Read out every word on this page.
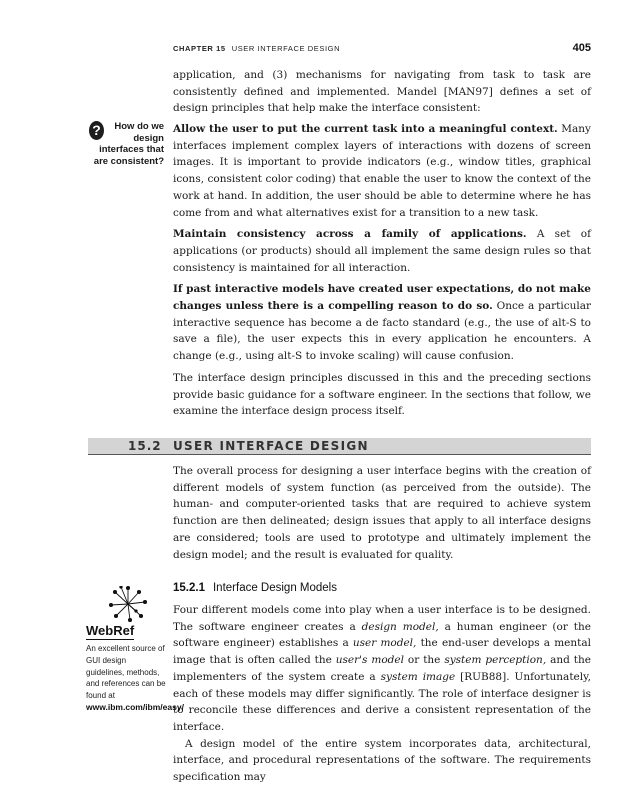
CHAPTER 15 USER INTERFACE DESIGN	405

application, and (3) mechanisms for navigating from task to task are consistently defined and implemented. Mandel [MAN97] defines a set of design principles that help make the interface consistent:

?	How do we design interfaces that are consistent?

Allow the user to put the current task into a meaningful context. Many interfaces implement complex layers of interactions with dozens of screen images. It is important to provide indicators (e.g., window titles, graphical icons, consistent color coding) that enable the user to know the context of the work at hand. In addition, the user should be able to determine where he has come from and what alternatives exist for a transition to a new task.

Maintain consistency across a family of applications. A set of applications (or products) should all implement the same design rules so that consistency is maintained for all interaction.

If past interactive models have created user expectations, do not make changes unless there is a compelling reason to do so. Once a particular interactive sequence has become a de facto standard (e.g., the use of alt-S to save a file), the user expects this in every application he encounters. A change (e.g., using alt-S to invoke scaling) will cause confusion.

The interface design principles discussed in this and the preceding sections provide basic guidance for a software engineer. In the sections that follow, we examine the interface design process itself.

15.2 USER INTERFACE DESIGN

The overall process for designing a user interface begins with the creation of different models of system function (as perceived from the outside). The human- and computer-oriented tasks that are required to achieve system function are then delineated; design issues that apply to all interface designs are considered; tools are used to prototype and ultimately implement the design model; and the result is evaluated for quality.

15.2.1 Interface Design Models

Four different models come into play when a user interface is to be designed. The software engineer creates a design model, a human engineer (or the software engineer) establishes a user model, the end-user develops a mental image that is often called the user's model or the system perception, and the implementers of the system create a system image [RUB88]. Unfortunately, each of these models may differ significantly. The role of interface designer is to reconcile these differences and derive a consistent representation of the interface.

A design model of the entire system incorporates data, architectural, interface, and procedural representations of the software. The requirements specification may

WebRef
An excellent source of GUI design guidelines, methods, and references can be found at
www.ibm.com/ibm/easy/
